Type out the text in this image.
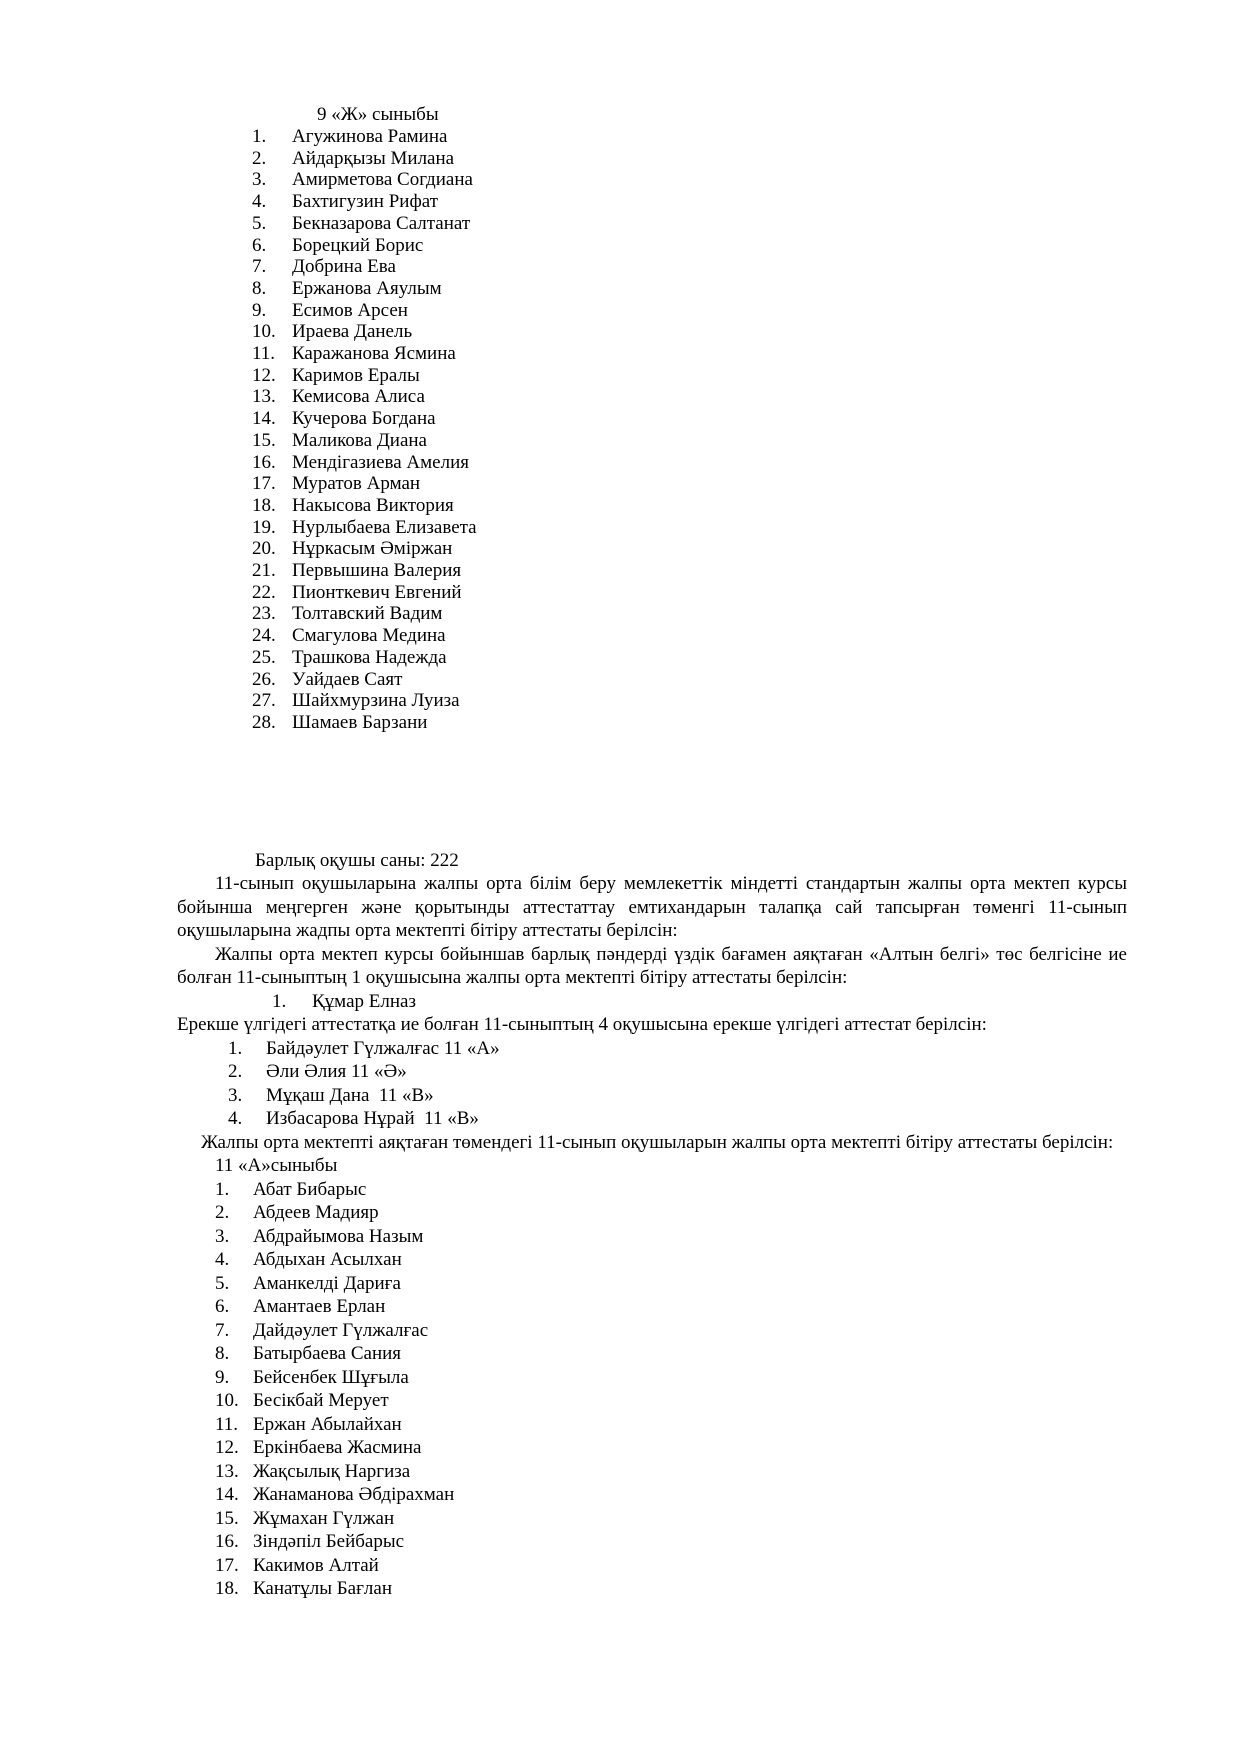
9 «Ж» сыныбы
1.	Агужинова Рамина
2.	Айдарқызы Милана
3.	Амирметова Согдиана
4.	Бахтигузин Рифат
5.	Бекназарова Салтанат
6.	Борецкий Борис
7.	Добрина Ева
8.	Ержанова Аяулым
9.	Есимов Арсен
10. Ираева Данель
11. Каражанова Ясмина
12. Каримов Ералы
13. Кемисова Алиса
14. Кучерова Богдана
15. Маликова Диана
16. Мендігазиева Амелия
17. Муратов Арман
18. Накысова Виктория
19. Нурлыбаева Елизавета
20. Нұркасым Әміржан
21. Первышина Валерия
22. Пионткевич Евгений
23. Толтавский Вадим
24. Смагулова Медина
25. Трашкова Надежда
26. Уайдаев Саят
27. Шайхмурзина Луиза
28. Шамаев Барзани
Барлық оқушы саны: 222

11-сынып оқушыларына жалпы орта білім беру мемлекеттік міндетті стандартын жалпы орта мектеп курсы бойынша меңгерген және қорытынды аттестаттау емтихандарын талапқа сай тапсырған төменгі 11-сынып оқушыларына жадпы орта мектепті бітіру аттестаты берілсін:

Жалпы орта мектеп курсы бойыншав барлық пәндерді үздік бағамен аяқтаған «Алтын белгі» төс белгісіне ие болған 11-сыныптың 1 оқушысына жалпы орта мектепті бітіру аттестаты берілсін:

1.	Құмар Елназ
Ерекше үлгідегі аттестатқа ие болған 11-сыныптың 4 оқушысына ерекше үлгідегі аттестат берілсін:
1.	Байдәулет Гүлжалғас 11 «А»
2.	Әли Әлия 11 «Ә»
3.	Мұқаш Дана  11 «В»
4.	Избасарова Нұрай  11 «В»

Жалпы орта мектепті аяқтаған төмендегі 11-сынып оқушыларын жалпы орта мектепті бітіру аттестаты берілсін:

11 «А»сыныбы
1.	Абат Бибарыс
2.	Абдеев Мадияр
3.	Абдрайымова Назым
4.	Абдыхан Асылхан
5.	Аманкелді Дариға
6.	Амантаев Ерлан
7.	Дайдәулет Гүлжалғас
8.	Батырбаева Сания
9.	Бейсенбек Шұғыла
10. Бесікбай Мерует
11. Ержан Абылайхан
12. Еркінбаева Жасмина
13. Жақсылық Наргиза
14. Жанаманова Әбдірахман
15. Жұмахан Гүлжан
16. Зіндәпіл Бейбарыс
17. Какимов Алтай
18. Канатұлы Бағлан
